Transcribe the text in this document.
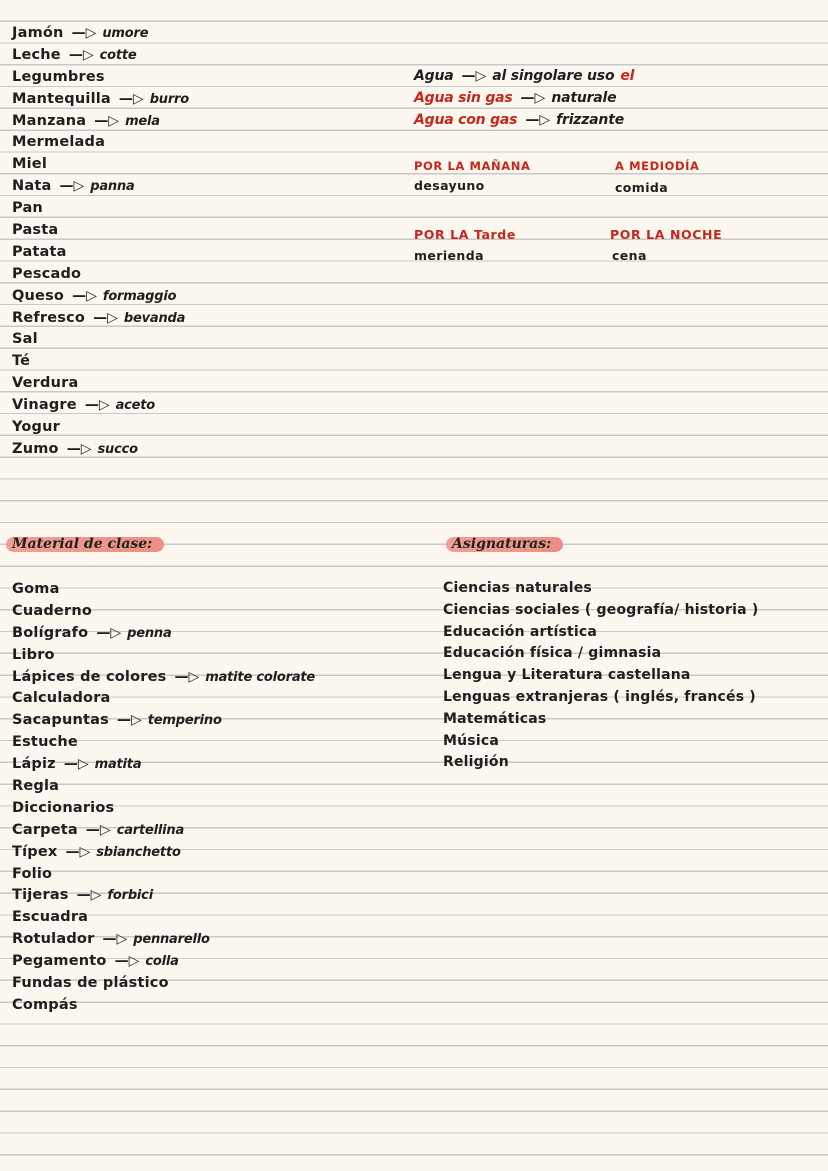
Jamón —▷ umore
Leche —▷ cotte
Legumbres
Mantequilla —▷ burro
Manzana —▷ mela
Mermelada
Miel
Nata —▷ panna
Pan
Pasta
Patata
Pescado
Queso —▷ formaggio
Refresco —▷ bevanda
Sal
Té
Verdura
Vinagre —▷ aceto
Yogur
Zumo —▷ succo
Agua —▷ al singolare uso el
Agua sin gas —▷ naturale
Agua con gas —▷ frizzante
POR LA MAÑANA
desayuno
A MEDIODÍA
comida
POR LA Tarde
merienda
POR LA NOCHE
cena
Material de clase:	Asignaturas:
Goma
Cuaderno
Bolígrafo —▷ penna
Libro
Lápices de colores —▷ matite colorate
Calculadora
Sacapuntas —▷ temperino
Estuche
Lápiz —▷ matita
Regla
Diccionarios
Carpeta —▷ cartellina
Típex —▷ sbianchetto
Folio
Tijeras —▷ forbici
Escuadra
Rotulador —▷ pennarello
Pegamento —▷ colla
Fundas de plástico
Compás
Ciencias naturales
Ciencias sociales ( geografía/ historia )
Educación artística
Educación física / gimnasia
Lengua y Literatura castellana
Lenguas extranjeras ( inglés, francés )
Matemáticas
Música
Religión
